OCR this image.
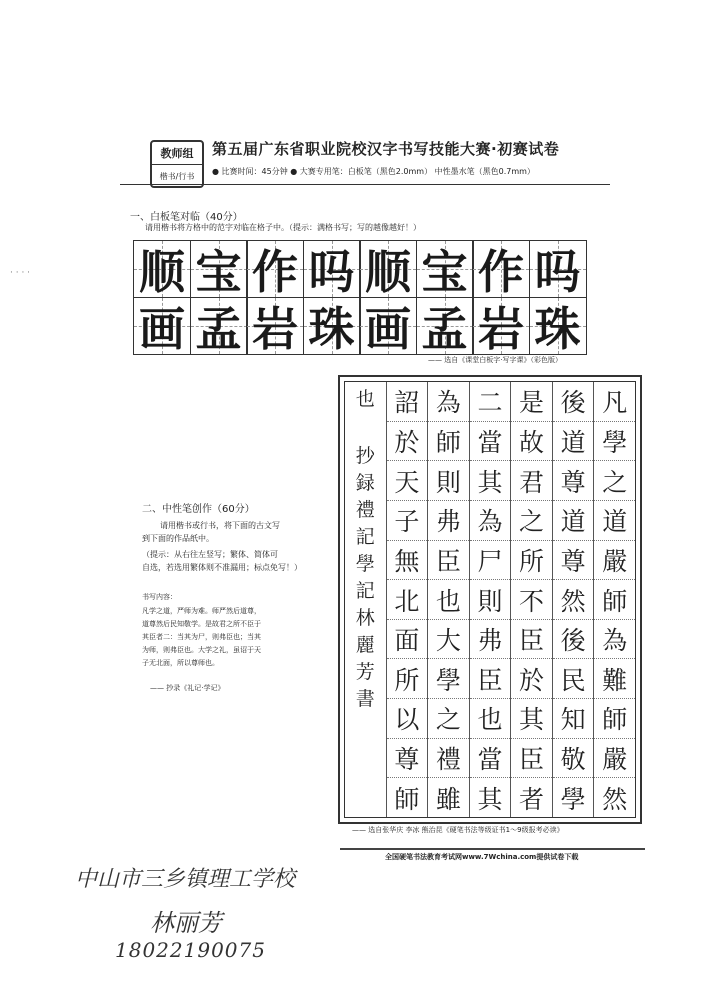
· · · ·
教师组
楷书/行书
第五届广东省职业院校汉字书写技能大赛·初赛试卷
● 比赛时间：45分钟 ● 大赛专用笔：白板笔（黑色2.0mm） 中性墨水笔（黑色0.7mm）
一、白板笔对临（40分）
请用楷书将方格中的范字对临在格子中。（提示：满格书写；写的越像越好！）
顺 宝 作 吗 顺 宝 作 吗
画 孟 岩 珠 画 孟 岩 珠
—— 选自《课堂白板字·写字课》（彩色版）
二、中性笔创作（60分）
请用楷书或行书，将下面的古文写
到下面的作品纸中。
（提示：从右往左竖写；繁体、简体可
自选，若选用繁体则不准漏用；标点免写！）
书写内容：
凡学之道，严师为难。师严然后道尊，
道尊然后民知敬学。是故君之所不臣于
其臣者二：当其为尸，则弗臣也；当其
为师，则弗臣也。大学之礼，虽诏于天
子无北面，所以尊师也。
—— 抄录《礼记·学记》
凡
學
之
道
嚴
師
為
難
師
嚴
然
後
道
尊
道
尊
然
後
民
知
敬
學
是
故
君
之
所
不
臣
於
其
臣
者
二
當
其
為
尸
則
弗
臣
也
當
其
為
師
則
弗
臣
也
大
學
之
禮
雖
詔
於
天
子
無
北
面
所
以
尊
師
也
抄
録
禮
記
學
記
林
麗
芳
書
—— 选自张华庆 李冰 熊治昆《硬笔书法等级证书1～9级报考必读》
全国硬笔书法教育考试网www.7Wchina.com提供试卷下载
中山市三乡镇理工学校
林丽芳
18022190075
